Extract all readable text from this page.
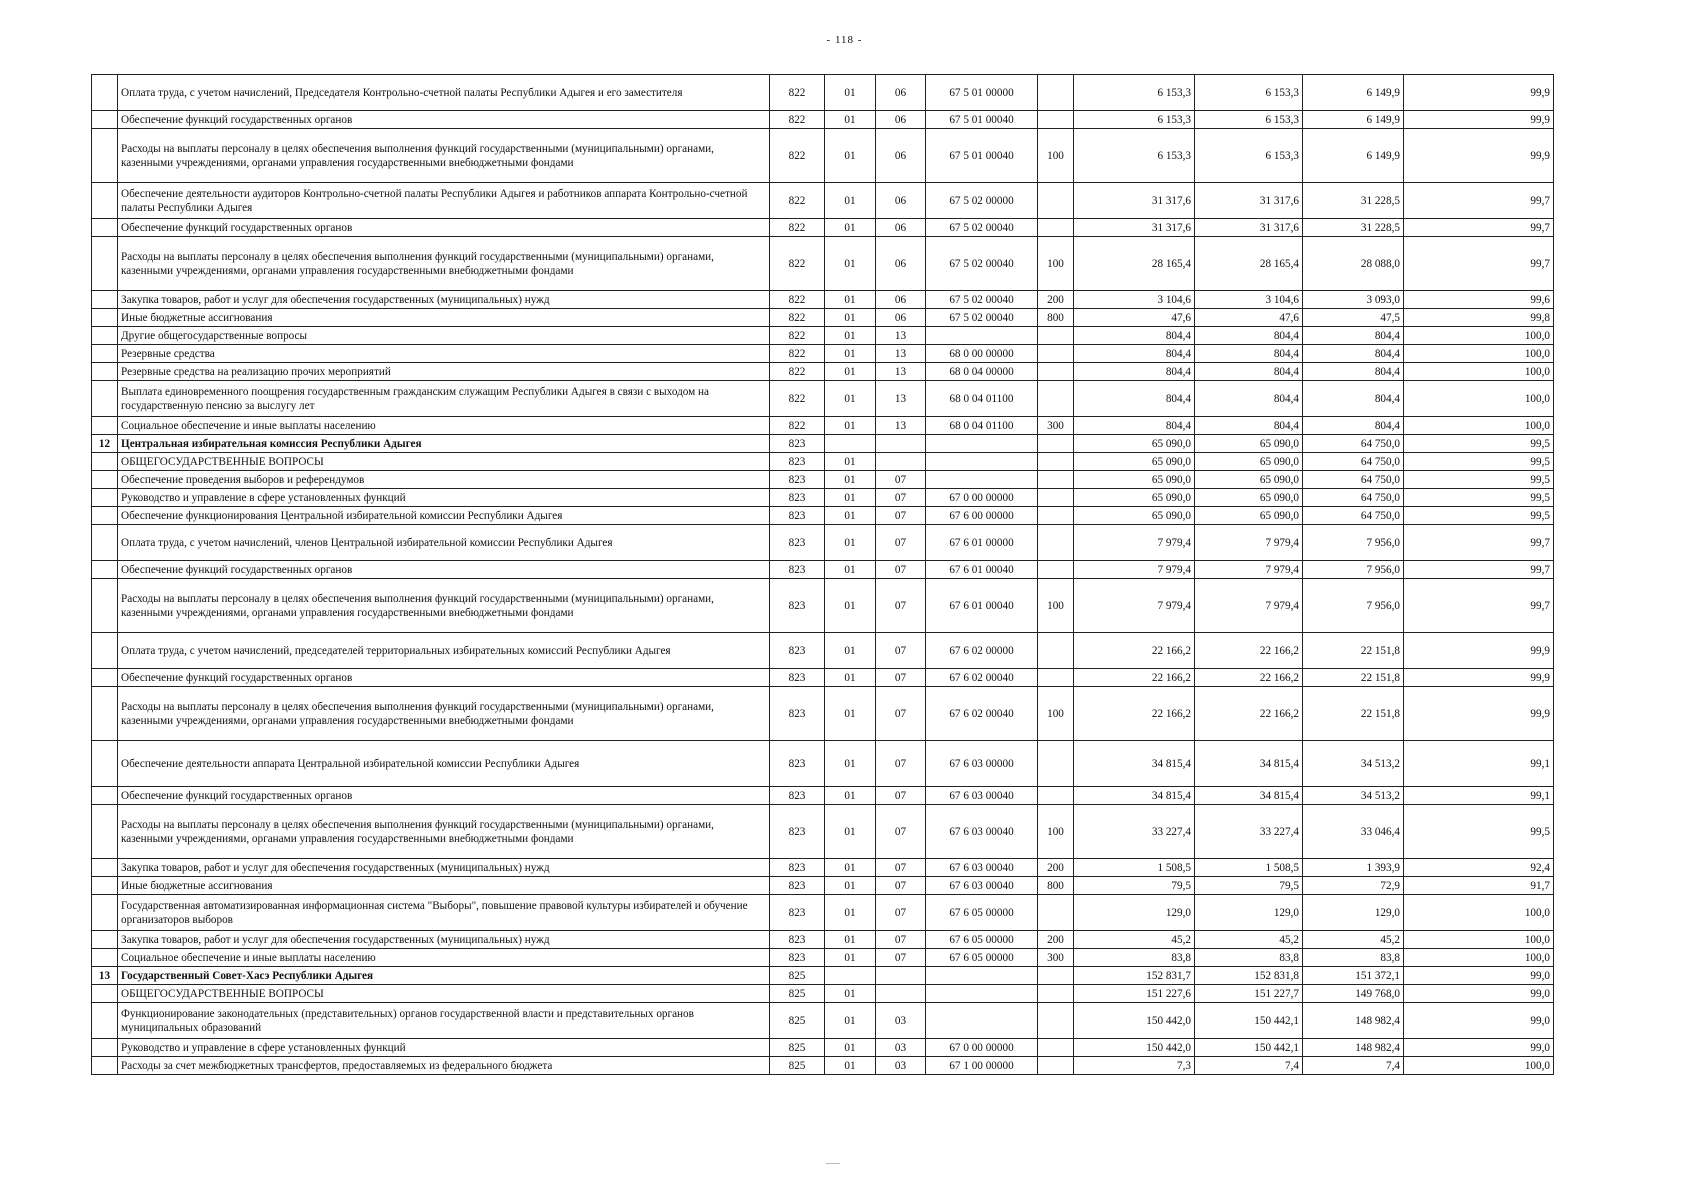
- 118 -
	Оплата труда, с учетом начислений, Председателя Контрольно-счетной палаты Республики Адыгея и его заместителя	822	01	06	67 5 01 00000		6 153,3	6 153,3	6 149,9	99,9
	Обеспечение функций государственных органов	822	01	06	67 5 01 00040		6 153,3	6 153,3	6 149,9	99,9
	Расходы на выплаты персоналу в целях обеспечения выполнения функций государственными (муниципальными) органами, казенными учреждениями, органами управления государственными внебюджетными фондами	822	01	06	67 5 01 00040	100	6 153,3	6 153,3	6 149,9	99,9
	Обеспечение деятельности аудиторов Контрольно-счетной палаты Республики Адыгея и работников аппарата Контрольно-счетной палаты Республики Адыгея	822	01	06	67 5 02 00000		31 317,6	31 317,6	31 228,5	99,7
	Обеспечение функций государственных органов	822	01	06	67 5 02 00040		31 317,6	31 317,6	31 228,5	99,7
	Расходы на выплаты персоналу в целях обеспечения выполнения функций государственными (муниципальными) органами, казенными учреждениями, органами управления государственными внебюджетными фондами	822	01	06	67 5 02 00040	100	28 165,4	28 165,4	28 088,0	99,7
	Закупка товаров, работ и услуг для обеспечения государственных (муниципальных) нужд	822	01	06	67 5 02 00040	200	3 104,6	3 104,6	3 093,0	99,6
	Иные бюджетные ассигнования	822	01	06	67 5 02 00040	800	47,6	47,6	47,5	99,8
	Другие общегосударственные вопросы	822	01	13			804,4	804,4	804,4	100,0
	Резервные средства	822	01	13	68 0 00 00000		804,4	804,4	804,4	100,0
	Резервные средства на реализацию прочих мероприятий	822	01	13	68 0 04 00000		804,4	804,4	804,4	100,0
	Выплата единовременного поощрения государственным гражданским служащим Республики Адыгея в связи с выходом на государственную пенсию за выслугу лет	822	01	13	68 0 04 01100		804,4	804,4	804,4	100,0
	Социальное обеспечение и иные выплаты населению	822	01	13	68 0 04 01100	300	804,4	804,4	804,4	100,0
12	Центральная избирательная комиссия Республики Адыгея	823					65 090,0	65 090,0	64 750,0	99,5
	ОБЩЕГОСУДАРСТВЕННЫЕ ВОПРОСЫ	823	01				65 090,0	65 090,0	64 750,0	99,5
	Обеспечение проведения выборов и референдумов	823	01	07			65 090,0	65 090,0	64 750,0	99,5
	Руководство и управление в сфере установленных функций	823	01	07	67 0 00 00000		65 090,0	65 090,0	64 750,0	99,5
	Обеспечение функционирования Центральной избирательной комиссии Республики Адыгея	823	01	07	67 6 00 00000		65 090,0	65 090,0	64 750,0	99,5
	Оплата труда, с учетом начислений, членов Центральной избирательной комиссии Республики Адыгея	823	01	07	67 6 01 00000		7 979,4	7 979,4	7 956,0	99,7
	Обеспечение функций государственных органов	823	01	07	67 6 01 00040		7 979,4	7 979,4	7 956,0	99,7
	Расходы на выплаты персоналу в целях обеспечения выполнения функций государственными (муниципальными) органами, казенными учреждениями, органами управления государственными внебюджетными фондами	823	01	07	67 6 01 00040	100	7 979,4	7 979,4	7 956,0	99,7
	Оплата труда, с учетом начислений, председателей территориальных избирательных комиссий Республики Адыгея	823	01	07	67 6 02 00000		22 166,2	22 166,2	22 151,8	99,9
	Обеспечение функций государственных органов	823	01	07	67 6 02 00040		22 166,2	22 166,2	22 151,8	99,9
	Расходы на выплаты персоналу в целях обеспечения выполнения функций государственными (муниципальными) органами, казенными учреждениями, органами управления государственными внебюджетными фондами	823	01	07	67 6 02 00040	100	22 166,2	22 166,2	22 151,8	99,9
	Обеспечение деятельности аппарата Центральной избирательной комиссии Республики Адыгея	823	01	07	67 6 03 00000		34 815,4	34 815,4	34 513,2	99,1
	Обеспечение функций государственных органов	823	01	07	67 6 03 00040		34 815,4	34 815,4	34 513,2	99,1
	Расходы на выплаты персоналу в целях обеспечения выполнения функций государственными (муниципальными) органами, казенными учреждениями, органами управления государственными внебюджетными фондами	823	01	07	67 6 03 00040	100	33 227,4	33 227,4	33 046,4	99,5
	Закупка товаров, работ и услуг для обеспечения государственных (муниципальных) нужд	823	01	07	67 6 03 00040	200	1 508,5	1 508,5	1 393,9	92,4
	Иные бюджетные ассигнования	823	01	07	67 6 03 00040	800	79,5	79,5	72,9	91,7
	Государственная автоматизированная информационная система "Выборы", повышение правовой культуры избирателей и обучение организаторов выборов	823	01	07	67 6 05 00000		129,0	129,0	129,0	100,0
	Закупка товаров, работ и услуг для обеспечения государственных (муниципальных) нужд	823	01	07	67 6 05 00000	200	45,2	45,2	45,2	100,0
	Социальное обеспечение и иные выплаты населению	823	01	07	67 6 05 00000	300	83,8	83,8	83,8	100,0
13	Государственный Совет-Хасэ Республики Адыгея	825					152 831,7	152 831,8	151 372,1	99,0
	ОБЩЕГОСУДАРСТВЕННЫЕ ВОПРОСЫ	825	01				151 227,6	151 227,7	149 768,0	99,0
	Функционирование законодательных (представительных) органов государственной власти и представительных органов муниципальных образований	825	01	03			150 442,0	150 442,1	148 982,4	99,0
	Руководство и управление в сфере установленных функций	825	01	03	67 0 00 00000		150 442,0	150 442,1	148 982,4	99,0
	Расходы за счет межбюджетных трансфертов, предоставляемых из федерального бюджета	825	01	03	67 1 00 00000		7,3	7,4	7,4	100,0
